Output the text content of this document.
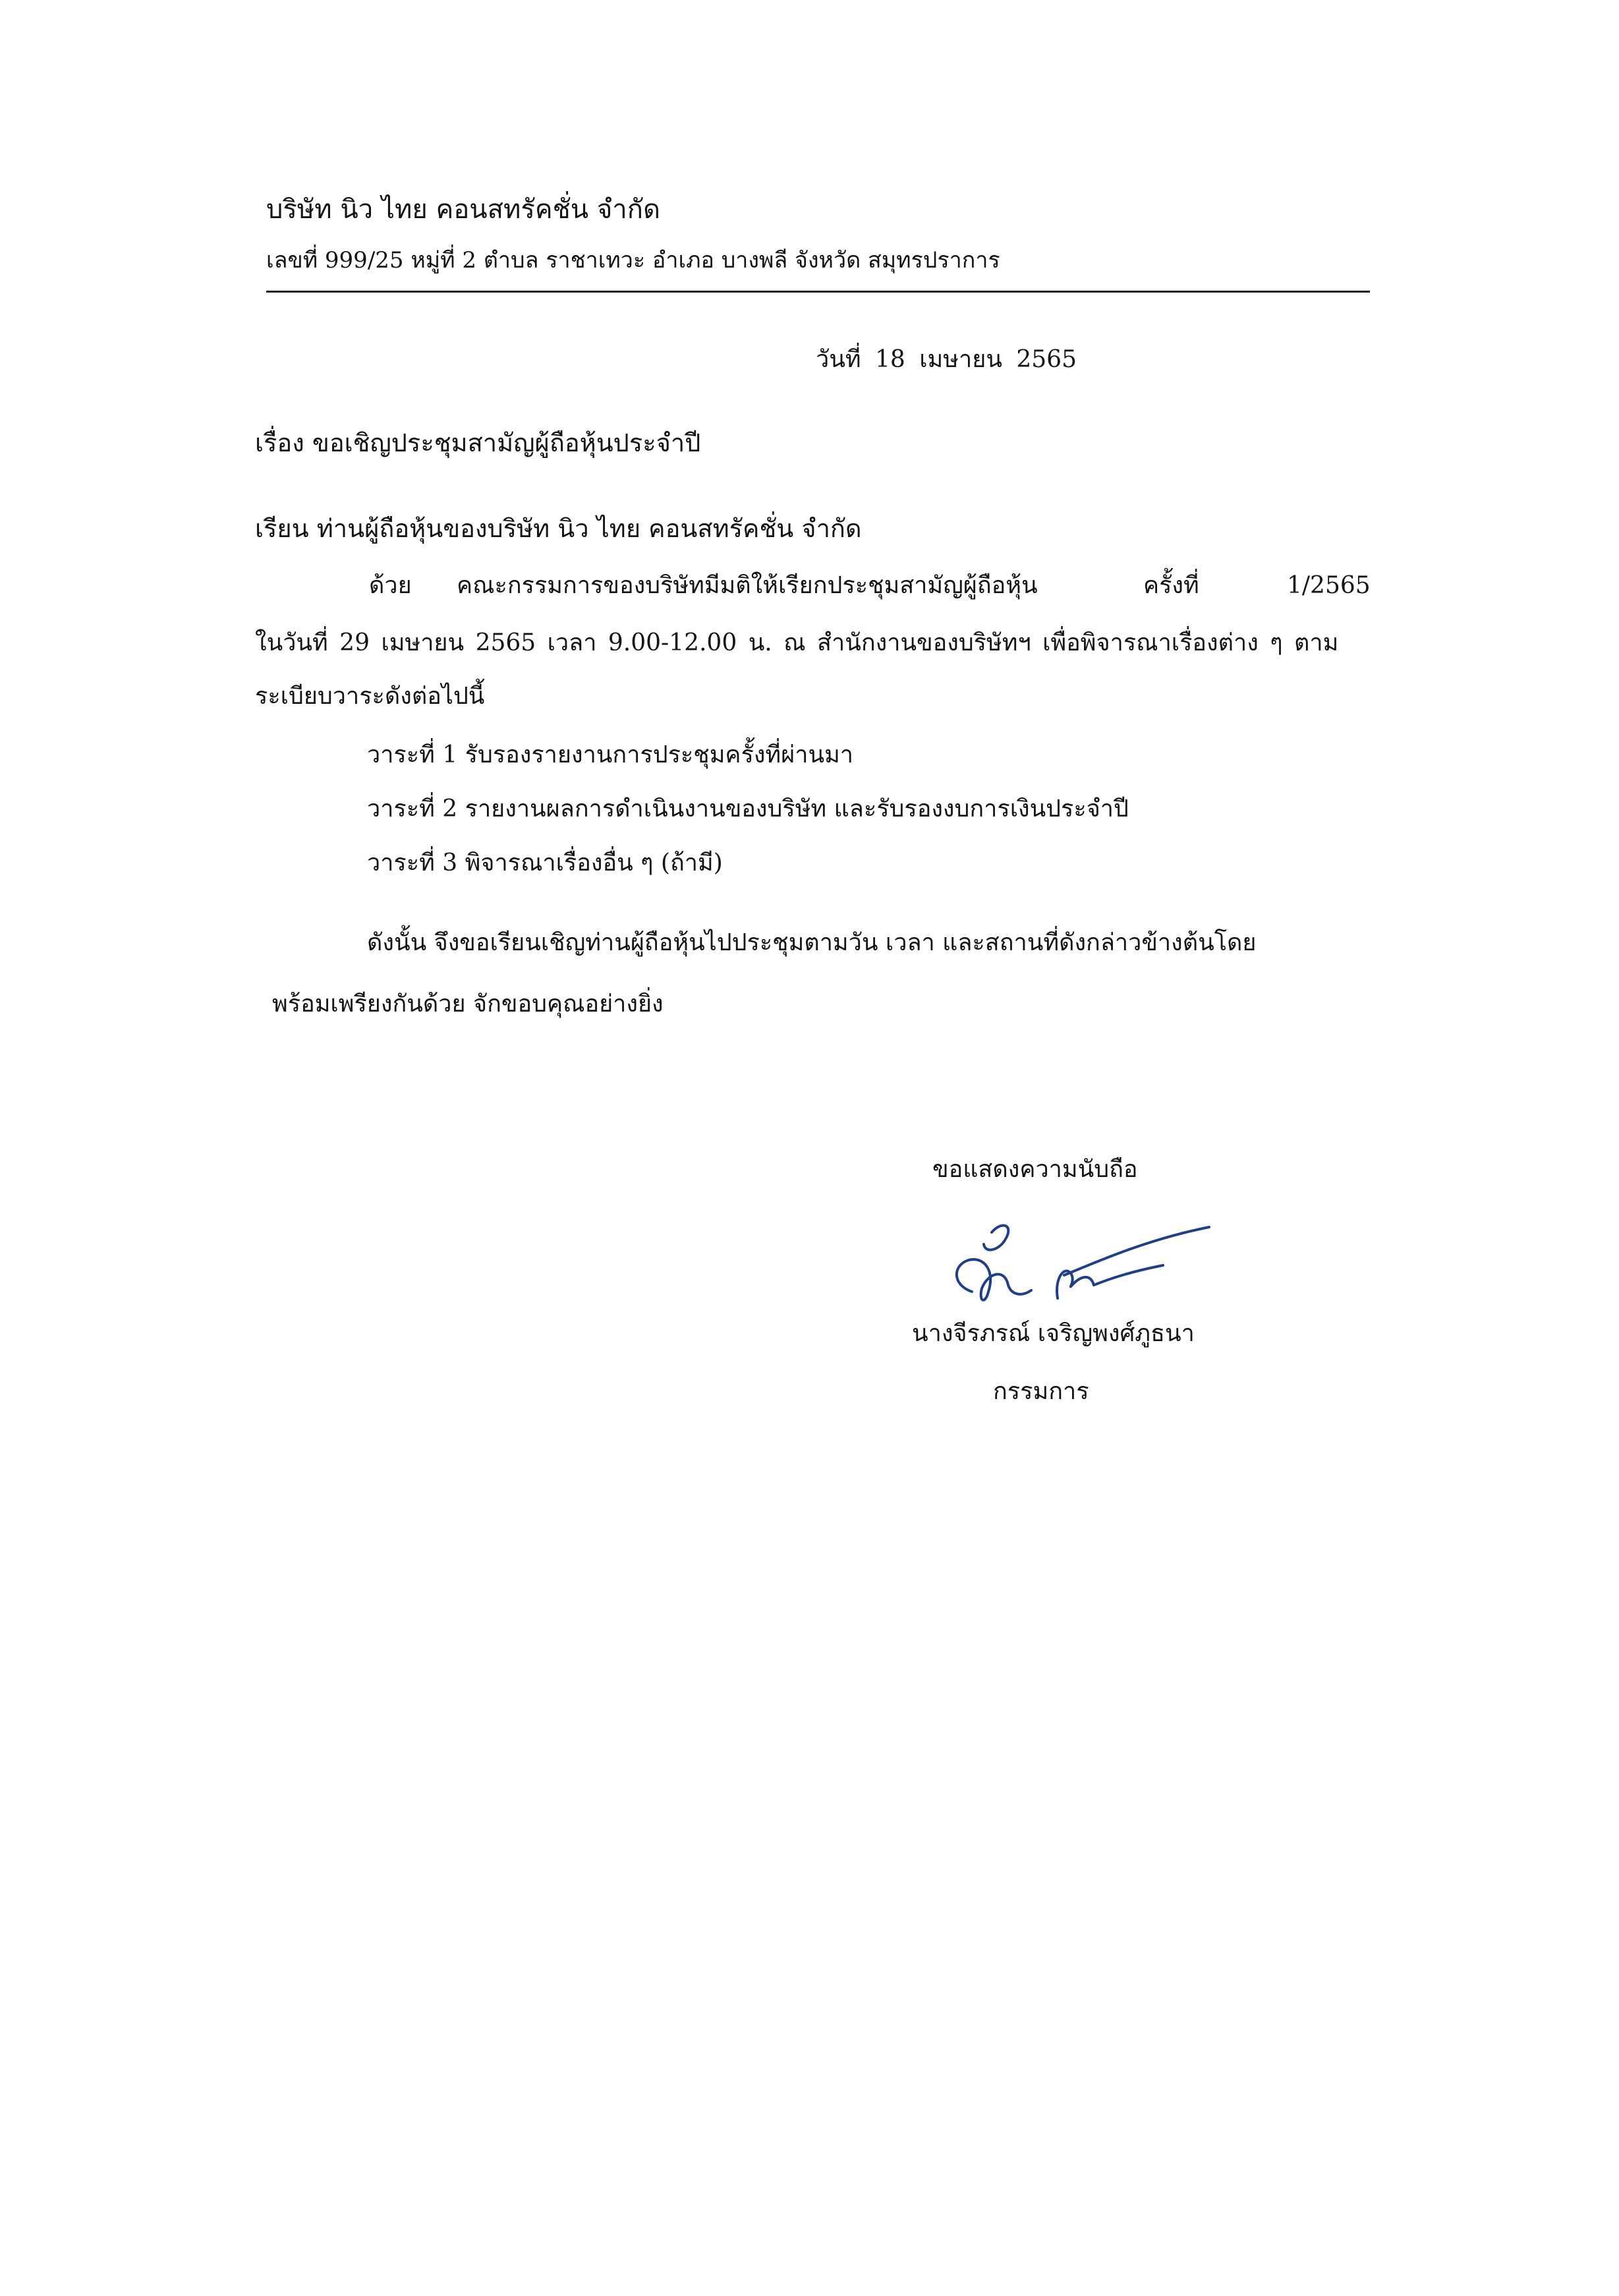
บริษัท นิว ไทย คอนสทรัคชั่น จำกัด
เลขที่ 999/25 หมู่ที่ 2 ตำบล ราชาเทวะ อำเภอ บางพลี จังหวัด สมุทรปราการ
วันที่ 18 เมษายน 2565
เรื่อง ขอเชิญประชุมสามัญผู้ถือหุ้นประจำปี
เรียน ท่านผู้ถือหุ้นของบริษัท นิว ไทย คอนสทรัคชั่น จำกัด
ด้วย คณะกรรมการของบริษัทมีมติให้เรียกประชุมสามัญผู้ถือหุ้น	ครั้งที่	1/2565
ในวันที่ 29 เมษายน 2565 เวลา 9.00-12.00 น. ณ สำนักงานของบริษัทฯ เพื่อพิจารณาเรื่องต่าง ๆ ตาม
ระเบียบวาระดังต่อไปนี้
วาระที่ 1 รับรองรายงานการประชุมครั้งที่ผ่านมา
วาระที่ 2 รายงานผลการดำเนินงานของบริษัท และรับรองงบการเงินประจำปี
วาระที่ 3 พิจารณาเรื่องอื่น ๆ (ถ้ามี)
ดังนั้น จึงขอเรียนเชิญท่านผู้ถือหุ้นไปประชุมตามวัน เวลา และสถานที่ดังกล่าวข้างต้นโดย
พร้อมเพรียงกันด้วย จักขอบคุณอย่างยิ่ง
ขอแสดงความนับถือ
นางจีรภรณ์ เจริญพงศ์ภูธนา
กรรมการ
